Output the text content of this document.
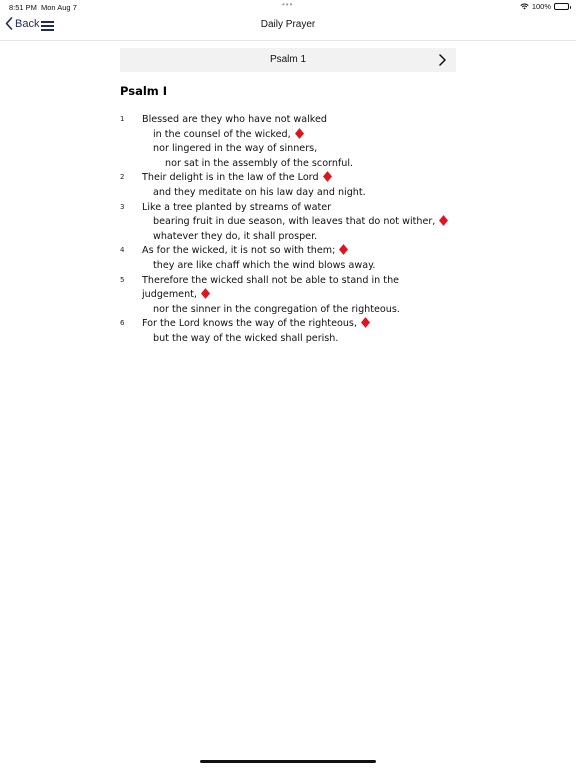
8:51 PM Mon Aug 7	•••	100%
Back	Daily Prayer
Psalm 1
Psalm I
1	Blessed are they who have not walked
in the counsel of the wicked,
nor lingered in the way of sinners,
nor sat in the assembly of the scornful.
2	Their delight is in the law of the Lord
and they meditate on his law day and night.
3	Like a tree planted by streams of water
bearing fruit in due season, with leaves that do not wither,
whatever they do, it shall prosper.
4	As for the wicked, it is not so with them;
they are like chaff which the wind blows away.
5	Therefore the wicked shall not be able to stand in the
judgement,
nor the sinner in the congregation of the righteous.
6	For the Lord knows the way of the righteous,
but the way of the wicked shall perish.
